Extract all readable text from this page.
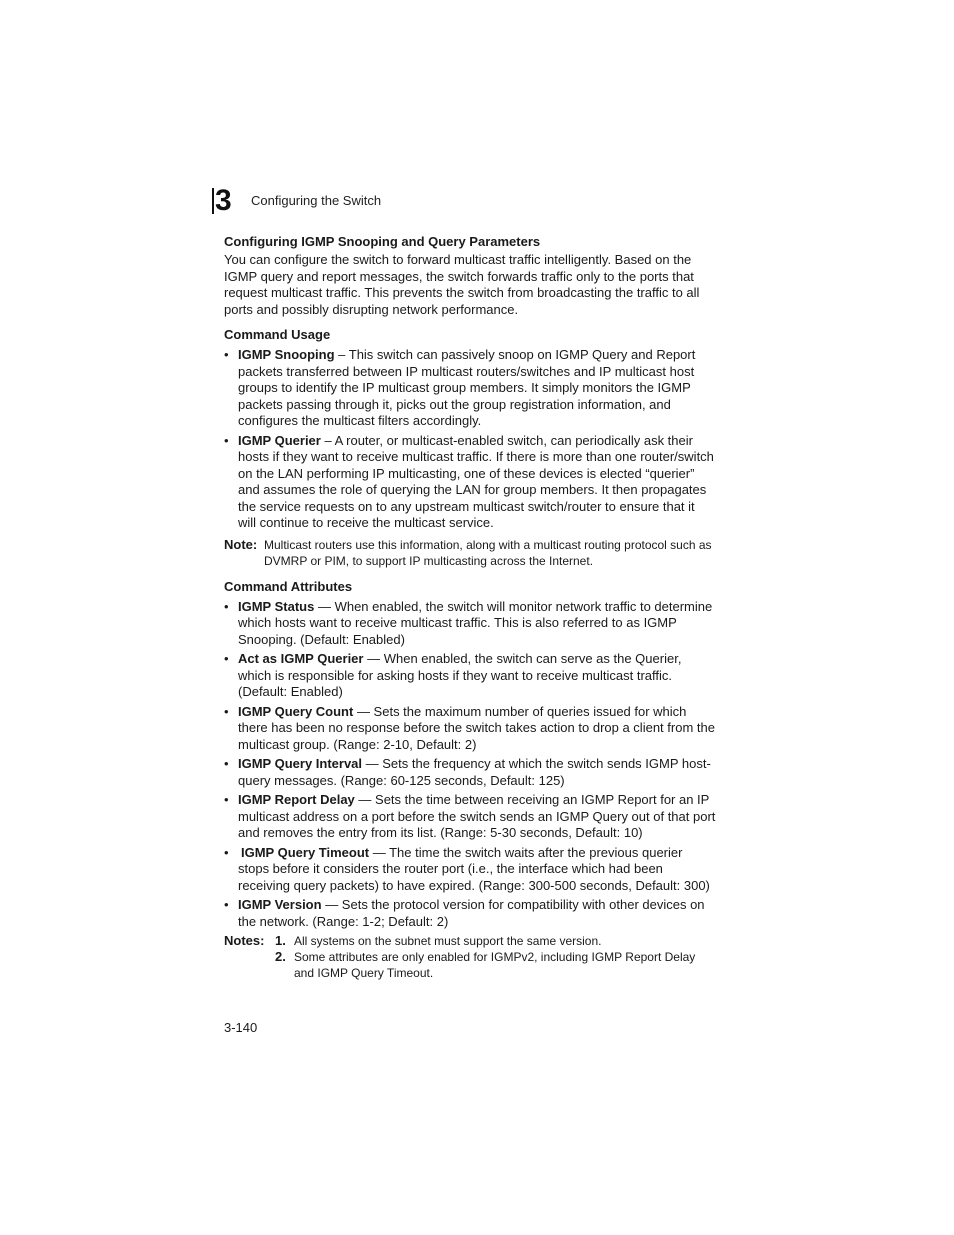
3	Configuring the Switch
Configuring IGMP Snooping and Query Parameters

You can configure the switch to forward multicast traffic intelligently. Based on the IGMP query and report messages, the switch forwards traffic only to the ports that request multicast traffic. This prevents the switch from broadcasting the traffic to all ports and possibly disrupting network performance.

Command Usage
• IGMP Snooping – This switch can passively snoop on IGMP Query and Report packets transferred between IP multicast routers/switches and IP multicast host groups to identify the IP multicast group members. It simply monitors the IGMP packets passing through it, picks out the group registration information, and configures the multicast filters accordingly.
• IGMP Querier – A router, or multicast-enabled switch, can periodically ask their hosts if they want to receive multicast traffic. If there is more than one router/switch on the LAN performing IP multicasting, one of these devices is elected “querier” and assumes the role of querying the LAN for group members. It then propagates the service requests on to any upstream multicast switch/router to ensure that it will continue to receive the multicast service.
Note: Multicast routers use this information, along with a multicast routing protocol such as DVMRP or PIM, to support IP multicasting across the Internet.
Command Attributes
• IGMP Status — When enabled, the switch will monitor network traffic to determine which hosts want to receive multicast traffic. This is also referred to as IGMP Snooping. (Default: Enabled)
• Act as IGMP Querier — When enabled, the switch can serve as the Querier, which is responsible for asking hosts if they want to receive multicast traffic. (Default: Enabled)
• IGMP Query Count — Sets the maximum number of queries issued for which there has been no response before the switch takes action to drop a client from the multicast group. (Range: 2-10, Default: 2)
• IGMP Query Interval — Sets the frequency at which the switch sends IGMP host-query messages. (Range: 60-125 seconds, Default: 125)
• IGMP Report Delay — Sets the time between receiving an IGMP Report for an IP multicast address on a port before the switch sends an IGMP Query out of that port and removes the entry from its list. (Range: 5-30 seconds, Default: 10)
• IGMP Query Timeout — The time the switch waits after the previous querier stops before it considers the router port (i.e., the interface which had been receiving query packets) to have expired. (Range: 300-500 seconds, Default: 300)
• IGMP Version — Sets the protocol version for compatibility with other devices on the network. (Range: 1-2; Default: 2)
Notes: 1. All systems on the subnet must support the same version.
2. Some attributes are only enabled for IGMPv2, including IGMP Report Delay and IGMP Query Timeout.
3-140
